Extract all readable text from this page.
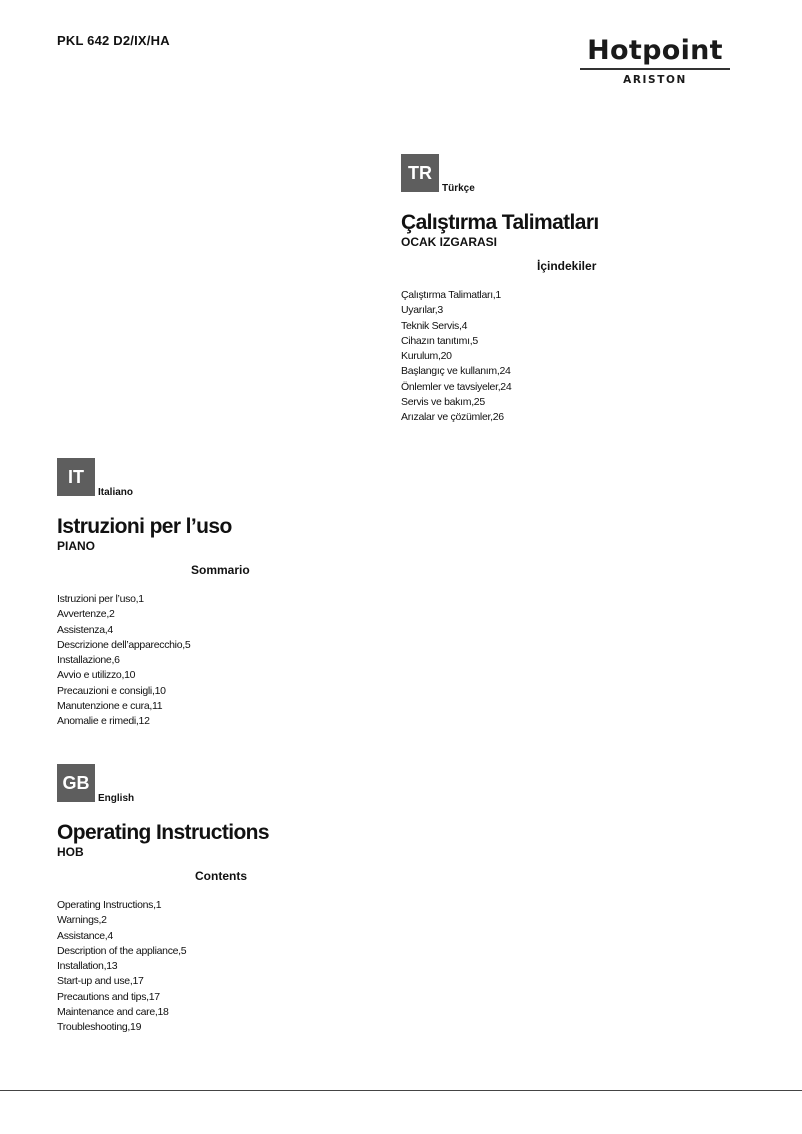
PKL 642 D2/IX/HA	Hotpoint
ARISTON
TR
Türkçe
Çalıştırma Talimatları
OCAK IZGARASI
İçindekiler
Çalıştırma Talimatları,1
Uyarılar,3
Teknik Servis,4
Cihazın tanıtımı,5
Kurulum,20
Başlangıç ve kullanım,24
Önlemler ve tavsiyeler,24
Servis ve bakım,25
Arızalar ve çözümler,26
IT
Italiano
Istruzioni per l’uso
PIANO
Sommario
Istruzioni per l’uso,1
Avvertenze,2
Assistenza,4
Descrizione dell’apparecchio,5
Installazione,6
Avvio e utilizzo,10
Precauzioni e consigli,10
Manutenzione e cura,11
Anomalie e rimedi,12
GB
English
Operating Instructions
HOB
Contents
Operating Instructions,1
Warnings,2
Assistance,4
Description of the appliance,5
Installation,13
Start-up and use,17
Precautions and tips,17
Maintenance and care,18
Troubleshooting,19
